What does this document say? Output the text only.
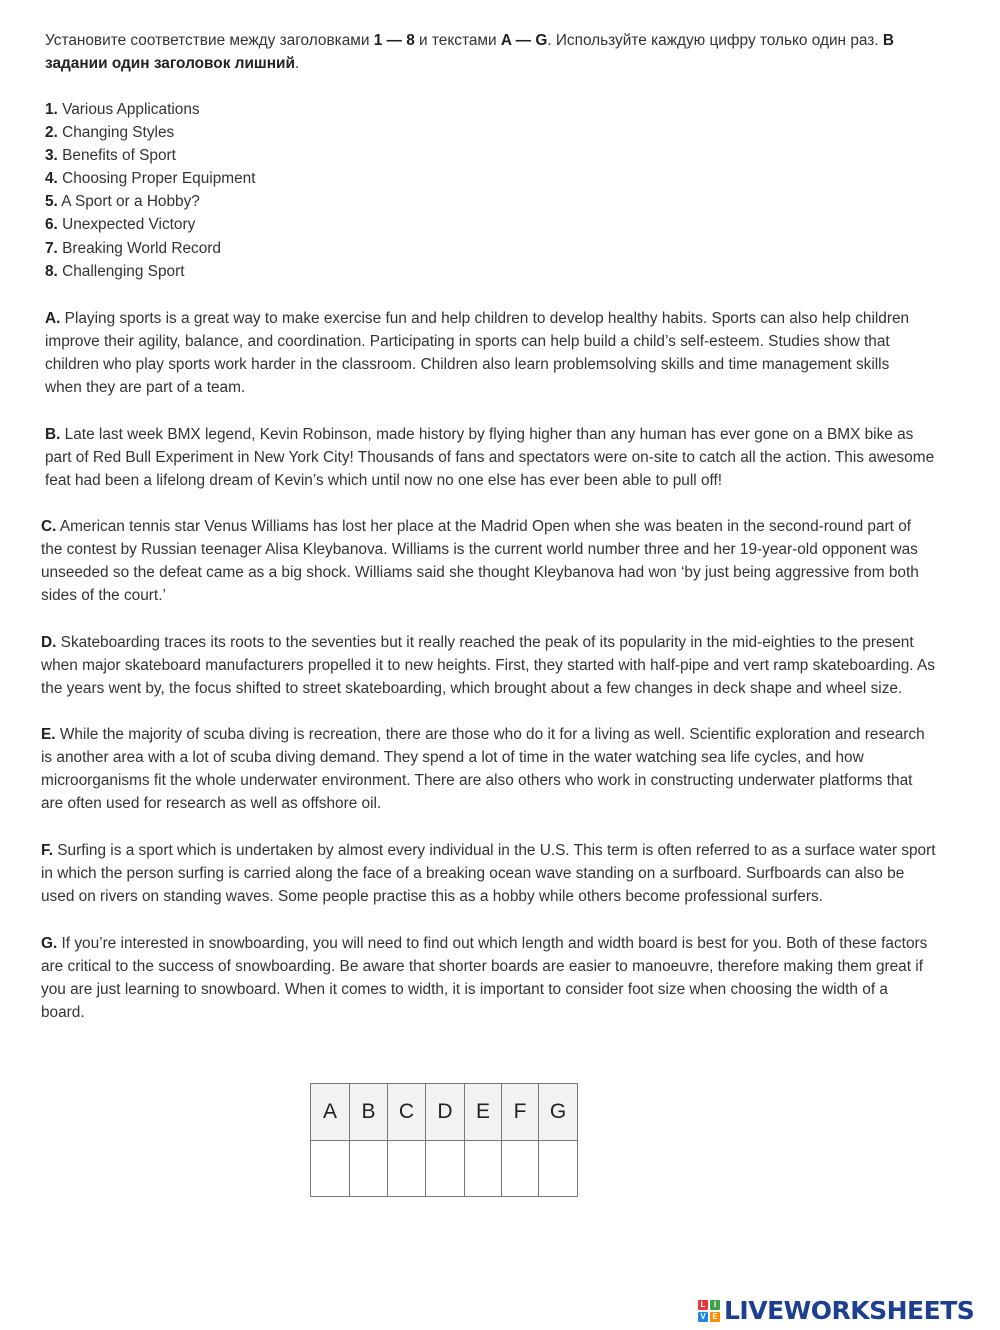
Установите соответствие между заголовками 1 — 8 и текстами A — G. Используйте каждую цифру только один раз. В задании один заголовок лишний.

1. Various Applications
2. Changing Styles
3. Benefits of Sport
4. Choosing Proper Equipment
5. A Sport or a Hobby?
6. Unexpected Victory
7. Breaking World Record
8. Challenging Sport

A. Playing sports is a great way to make exercise fun and help children to develop healthy habits. Sports can also help children improve their agility, balance, and coordination. Participating in sports can help build a child’s self-esteem. Studies show that children who play sports work harder in the classroom. Children also learn problemsolving skills and time management skills when they are part of a team.

B. Late last week BMX legend, Kevin Robinson, made history by flying higher than any human has ever gone on a BMX bike as part of Red Bull Experiment in New York City! Thousands of fans and spectators were on-site to catch all the action. This awesome feat had been a lifelong dream of Kevin’s which until now no one else has ever been able to pull off!

C. American tennis star Venus Williams has lost her place at the Madrid Open when she was beaten in the second-round part of the contest by Russian teenager Alisa Kleybanova. Williams is the current world number three and her 19-year-old opponent was unseeded so the defeat came as a big shock. Williams said she thought Kleybanova had won ‘by just being aggressive from both sides of the court.’

D. Skateboarding traces its roots to the seventies but it really reached the peak of its popularity in the mid-eighties to the present when major skateboard manufacturers propelled it to new heights. First, they started with half-pipe and vert ramp skateboarding. As the years went by, the focus shifted to street skateboarding, which brought about a few changes in deck shape and wheel size.

E. While the majority of scuba diving is recreation, there are those who do it for a living as well. Scientific exploration and research is another area with a lot of scuba diving demand. They spend a lot of time in the water watching sea life cycles, and how microorganisms fit the whole underwater environment. There are also others who work in constructing underwater platforms that are often used for research as well as offshore oil.

F. Surfing is a sport which is undertaken by almost every individual in the U.S. This term is often referred to as a surface water sport in which the person surfing is carried along the face of a breaking ocean wave standing on a surfboard. Surfboards can also be used on rivers on standing waves. Some people practise this as a hobby while others become professional surfers.

G. If you’re interested in snowboarding, you will need to find out which length and width board is best for you. Both of these factors are critical to the success of snowboarding. Be aware that shorter boards are easier to manoeuvre, therefore making them great if you are just learning to snowboard. When it comes to width, it is important to consider foot size when choosing the width of a board.

A	B	C	D	E	F	G

L	I
V E LIVEWORKSHEETS
